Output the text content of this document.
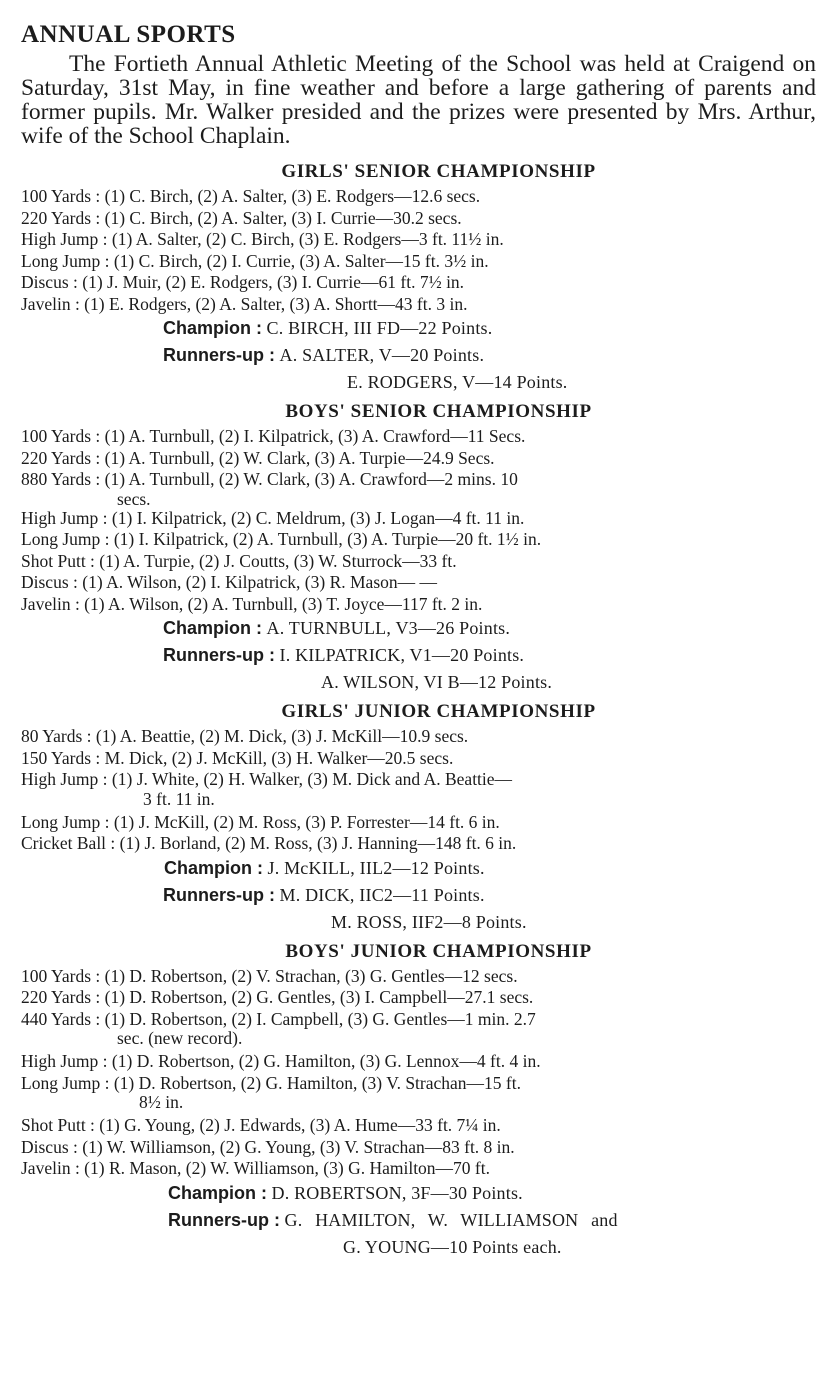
ANNUAL SPORTS

The Fortieth Annual Athletic Meeting of the School was held at Craigend on Saturday, 31st May, in fine weather and before a large gathering of parents and former pupils. Mr. Walker presided and the prizes were presented by Mrs. Arthur, wife of the School Chaplain.

GIRLS' SENIOR CHAMPIONSHIP
100 Yards : (1) C. Birch, (2) A. Salter, (3) E. Rodgers—12.6 secs.
220 Yards : (1) C. Birch, (2) A. Salter, (3) I. Currie—30.2 secs.
High Jump : (1) A. Salter, (2) C. Birch, (3) E. Rodgers—3 ft. 11½ in.
Long Jump : (1) C. Birch, (2) I. Currie, (3) A. Salter—15 ft. 3½ in.
Discus : (1) J. Muir, (2) E. Rodgers, (3) I. Currie—61 ft. 7½ in.
Javelin : (1) E. Rodgers, (2) A. Salter, (3) A. Shortt—43 ft. 3 in.
Champion : C. BIRCH, III FD—22 Points.
Runners-up : A. SALTER, V—20 Points.
E. RODGERS, V—14 Points.
BOYS' SENIOR CHAMPIONSHIP
100 Yards : (1) A. Turnbull, (2) I. Kilpatrick, (3) A. Crawford—11 Secs.
220 Yards : (1) A. Turnbull, (2) W. Clark, (3) A. Turpie—24.9 Secs.
880 Yards : (1) A. Turnbull, (2) W. Clark, (3) A. Crawford—2 mins. 10
secs.
High Jump : (1) I. Kilpatrick, (2) C. Meldrum, (3) J. Logan—4 ft. 11 in.
Long Jump : (1) I. Kilpatrick, (2) A. Turnbull, (3) A. Turpie—20 ft. 1½ in.
Shot Putt : (1) A. Turpie, (2) J. Coutts, (3) W. Sturrock—33 ft.
Discus : (1) A. Wilson, (2) I. Kilpatrick, (3) R. Mason— —
Javelin : (1) A. Wilson, (2) A. Turnbull, (3) T. Joyce—117 ft. 2 in.
Champion : A. TURNBULL, V3—26 Points.
Runners-up : I. KILPATRICK, V1—20 Points.
A. WILSON, VI B—12 Points.
GIRLS' JUNIOR CHAMPIONSHIP
80 Yards : (1) A. Beattie, (2) M. Dick, (3) J. McKill—10.9 secs.
150 Yards : M. Dick, (2) J. McKill, (3) H. Walker—20.5 secs.
High Jump : (1) J. White, (2) H. Walker, (3) M. Dick and A. Beattie—
3 ft. 11 in.
Long Jump : (1) J. McKill, (2) M. Ross, (3) P. Forrester—14 ft. 6 in.
Cricket Ball : (1) J. Borland, (2) M. Ross, (3) J. Hanning—148 ft. 6 in.
Champion : J. McKILL, IIL2—12 Points.
Runners-up : M. DICK, IIC2—11 Points.
M. ROSS, IIF2—8 Points.
BOYS' JUNIOR CHAMPIONSHIP
100 Yards : (1) D. Robertson, (2) V. Strachan, (3) G. Gentles—12 secs.
220 Yards : (1) D. Robertson, (2) G. Gentles, (3) I. Campbell—27.1 secs.
440 Yards : (1) D. Robertson, (2) I. Campbell, (3) G. Gentles—1 min. 2.7
sec. (new record).
High Jump : (1) D. Robertson, (2) G. Hamilton, (3) G. Lennox—4 ft. 4 in.
Long Jump : (1) D. Robertson, (2) G. Hamilton, (3) V. Strachan—15 ft.
8½ in.
Shot Putt : (1) G. Young, (2) J. Edwards, (3) A. Hume—33 ft. 7¼ in.
Discus : (1) W. Williamson, (2) G. Young, (3) V. Strachan—83 ft. 8 in.
Javelin : (1) R. Mason, (2) W. Williamson, (3) G. Hamilton—70 ft.
Champion : D. ROBERTSON, 3F—30 Points.
Runners-up : G. HAMILTON, W. WILLIAMSON and
G. YOUNG—10 Points each.
